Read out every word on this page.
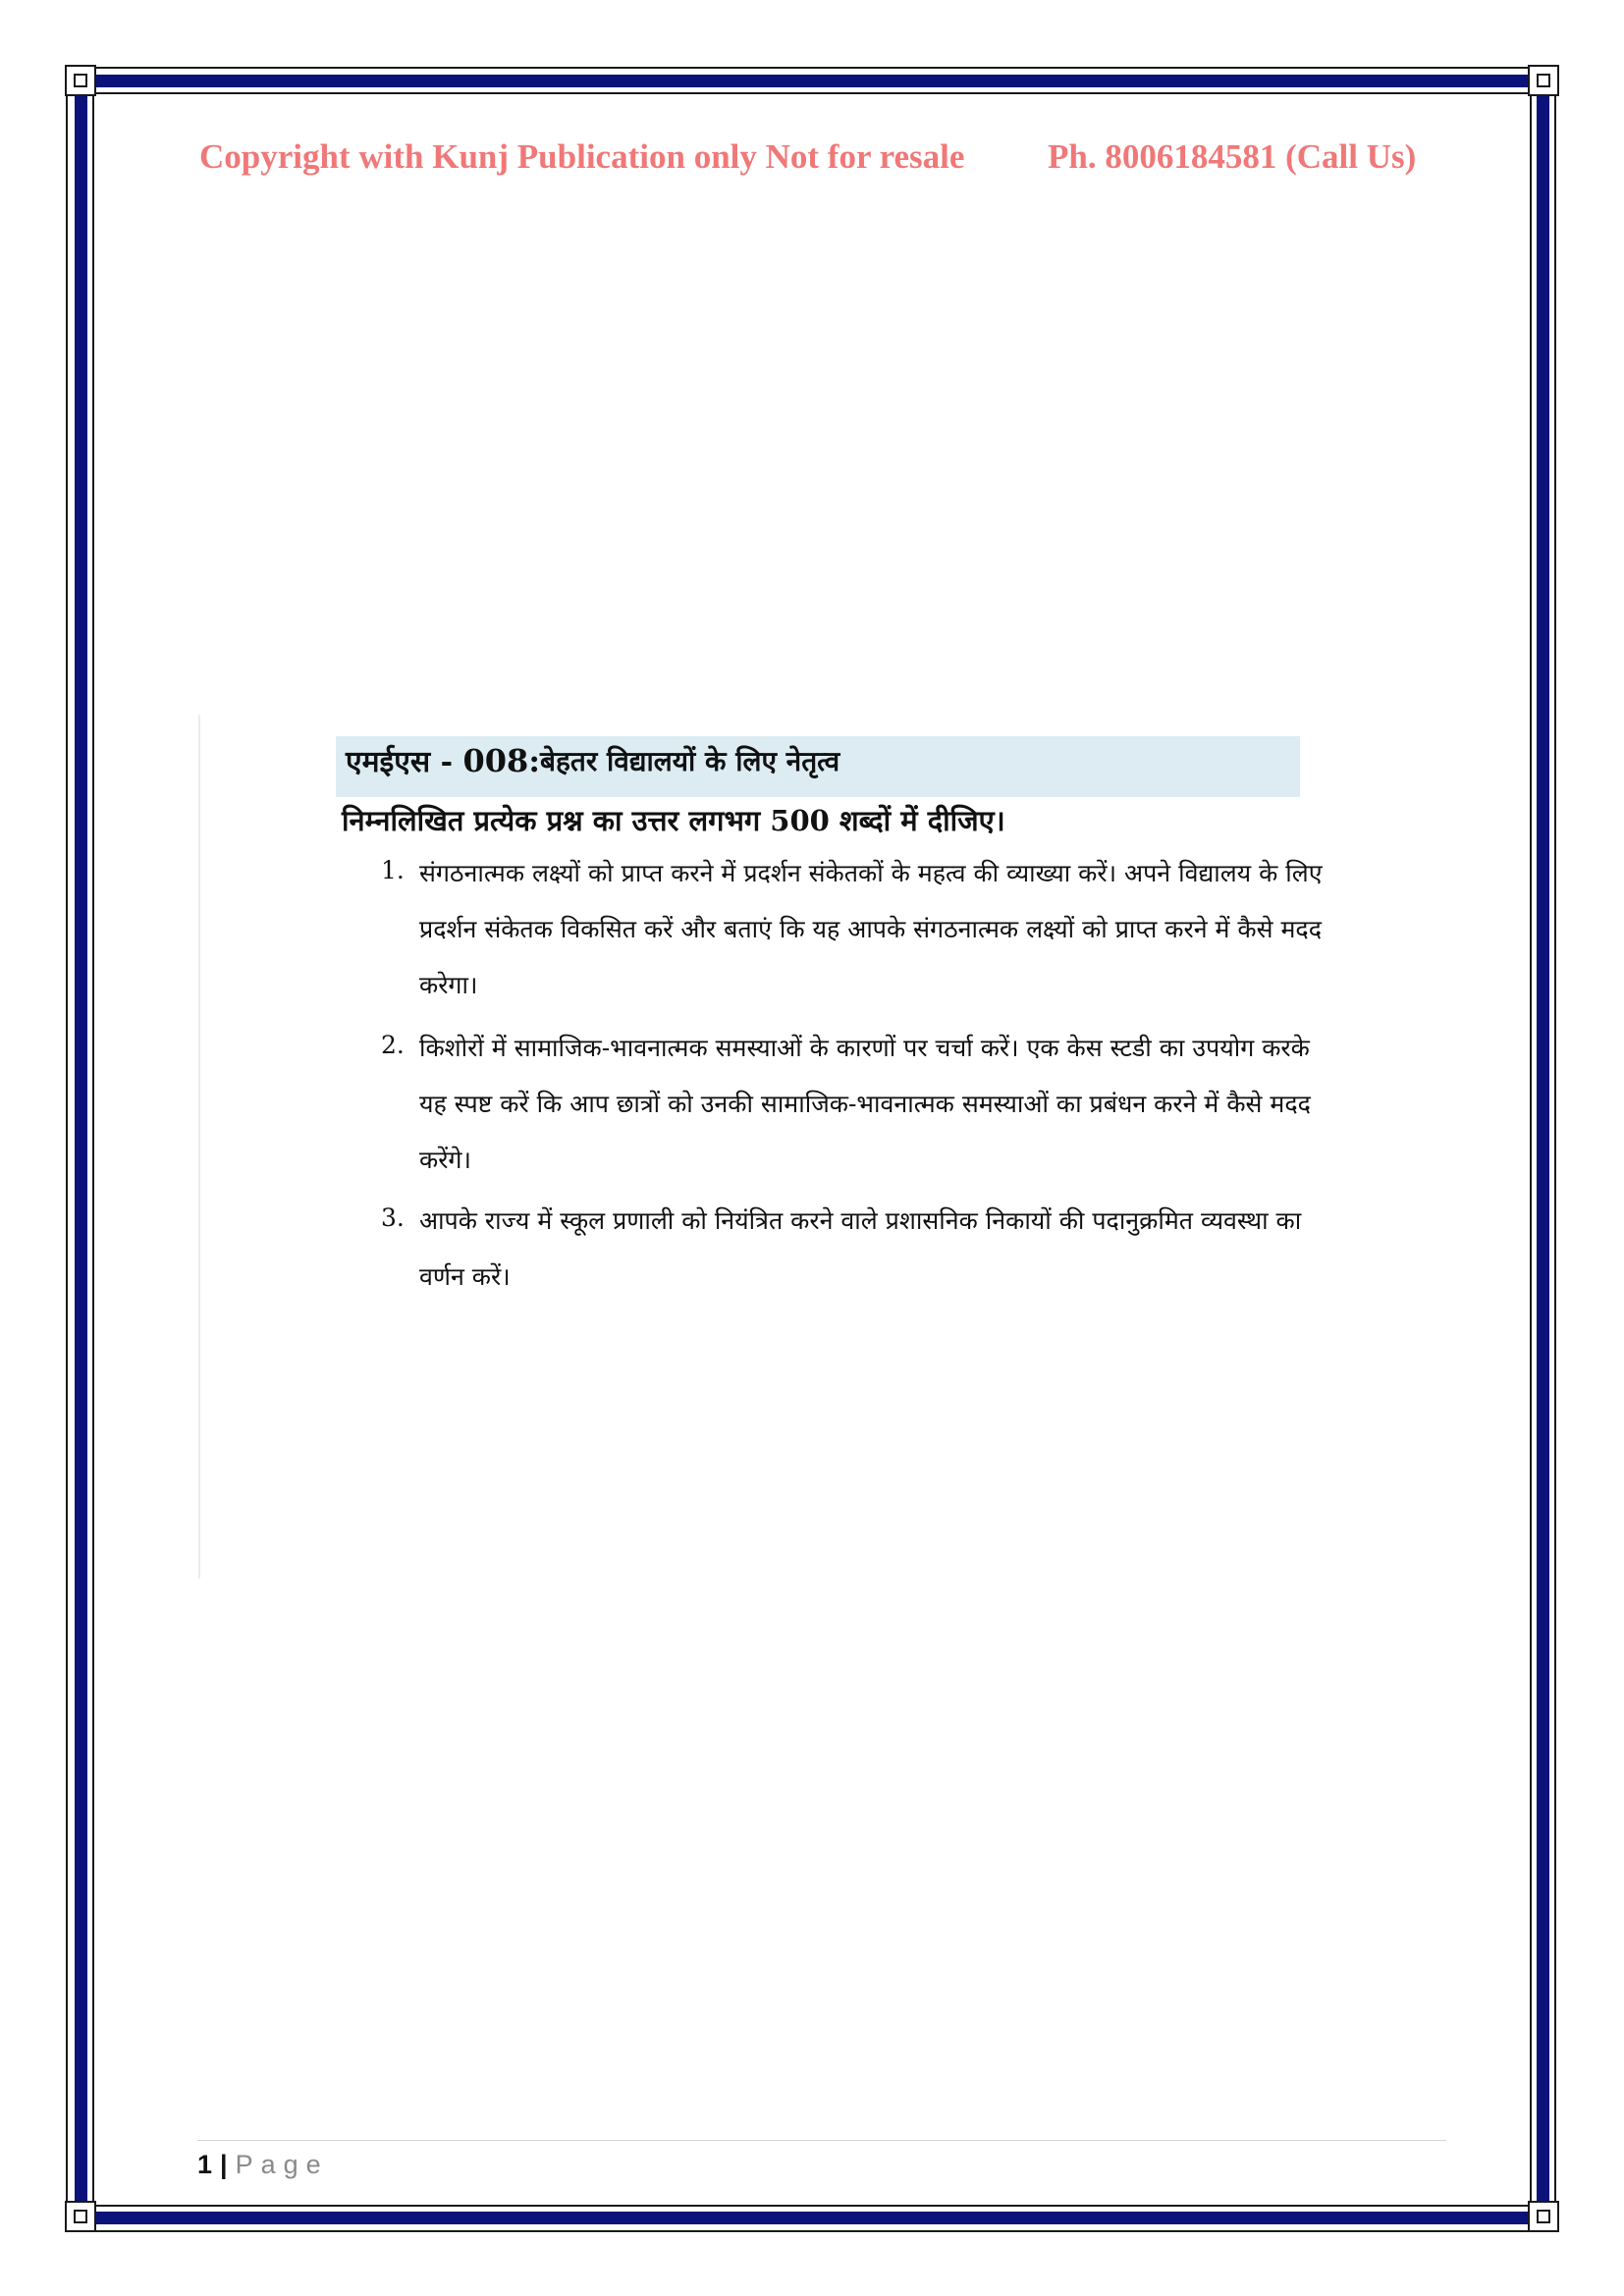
Copyright with Kunj Publication only Not for resale Ph. 8006184581 (Call Us)
एमईएस - 008: बेहतर विद्यालयों के लिए नेतृत्व
निम्नलिखित प्रत्येक प्रश्न का उत्तर लगभग 500 शब्दों में दीजिए।
1. संगठनात्मक लक्ष्यों को प्राप्त करने में प्रदर्शन संकेतकों के महत्व की व्याख्या करें। अपने विद्यालय के लिए
प्रदर्शन संकेतक विकसित करें और बताएं कि यह आपके संगठनात्मक लक्ष्यों को प्राप्त करने में कैसे मदद
करेगा।
2. किशोरों में सामाजिक-भावनात्मक समस्याओं के कारणों पर चर्चा करें। एक केस स्टडी का उपयोग करके
यह स्पष्ट करें कि आप छात्रों को उनकी सामाजिक-भावनात्मक समस्याओं का प्रबंधन करने में कैसे मदद
करेंगे।
3. आपके राज्य में स्कूल प्रणाली को नियंत्रित करने वाले प्रशासनिक निकायों की पदानुक्रमित व्यवस्था का
वर्णन करें।
1 | Page
